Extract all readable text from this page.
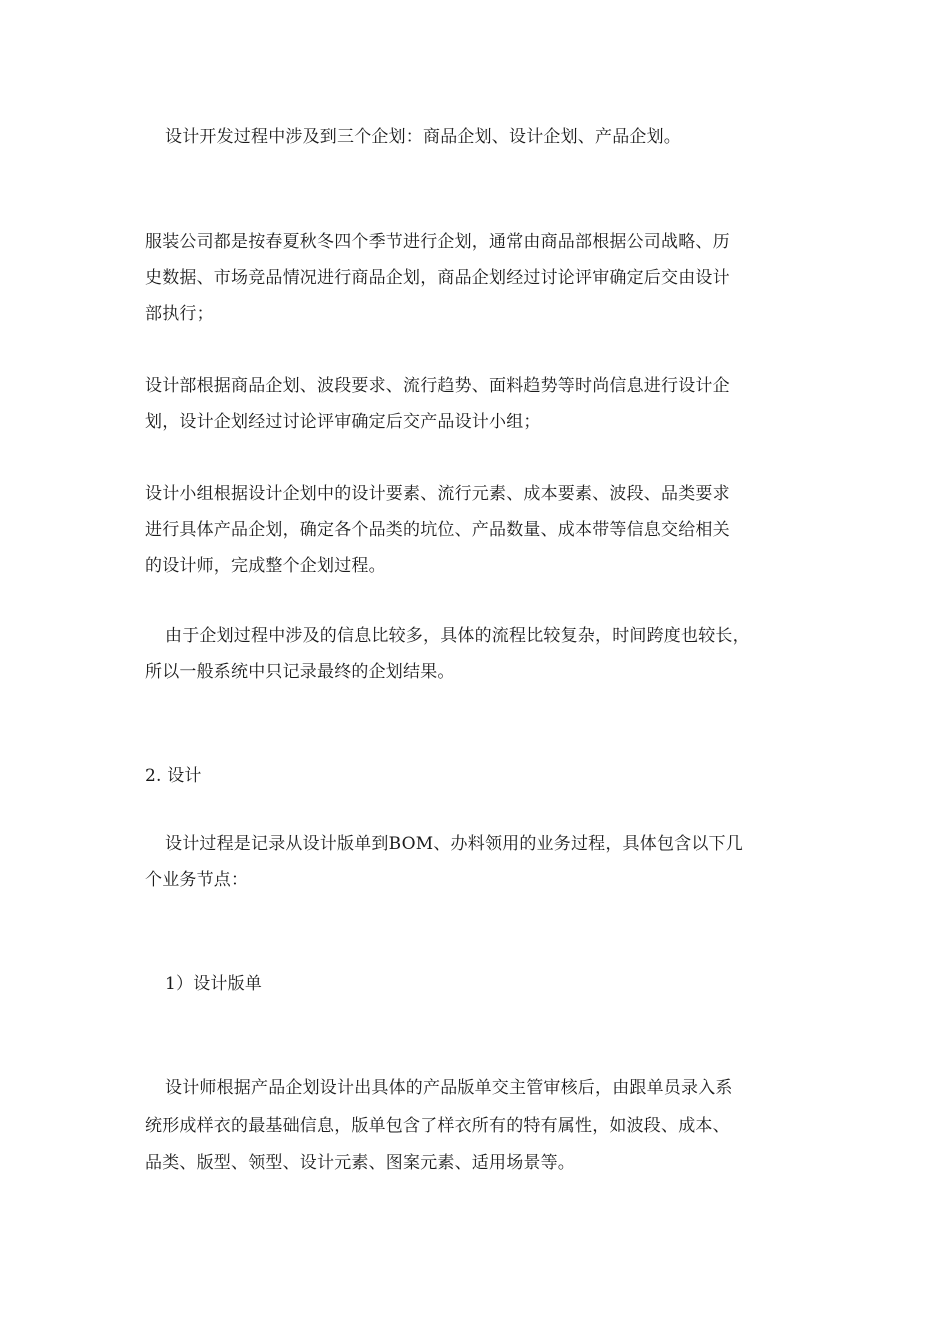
设计开发过程中涉及到三个企划：商品企划、设计企划、产品企划。
服装公司都是按春夏秋冬四个季节进行企划，通常由商品部根据公司战略、历
史数据、市场竞品情况进行商品企划，商品企划经过讨论评审确定后交由设计
部执行；
设计部根据商品企划、波段要求、流行趋势、面料趋势等时尚信息进行设计企
划，设计企划经过讨论评审确定后交产品设计小组；
设计小组根据设计企划中的设计要素、流行元素、成本要素、波段、品类要求
进行具体产品企划，确定各个品类的坑位、产品数量、成本带等信息交给相关
的设计师，完成整个企划过程。
由于企划过程中涉及的信息比较多，具体的流程比较复杂，时间跨度也较长，
所以一般系统中只记录最终的企划结果。
2. 设计
设计过程是记录从设计版单到BOM、办料领用的业务过程，具体包含以下几
个业务节点：
1）设计版单
设计师根据产品企划设计出具体的产品版单交主管审核后，由跟单员录入系
统形成样衣的最基础信息，版单包含了样衣所有的特有属性，如波段、成本、
品类、版型、领型、设计元素、图案元素、适用场景等。
